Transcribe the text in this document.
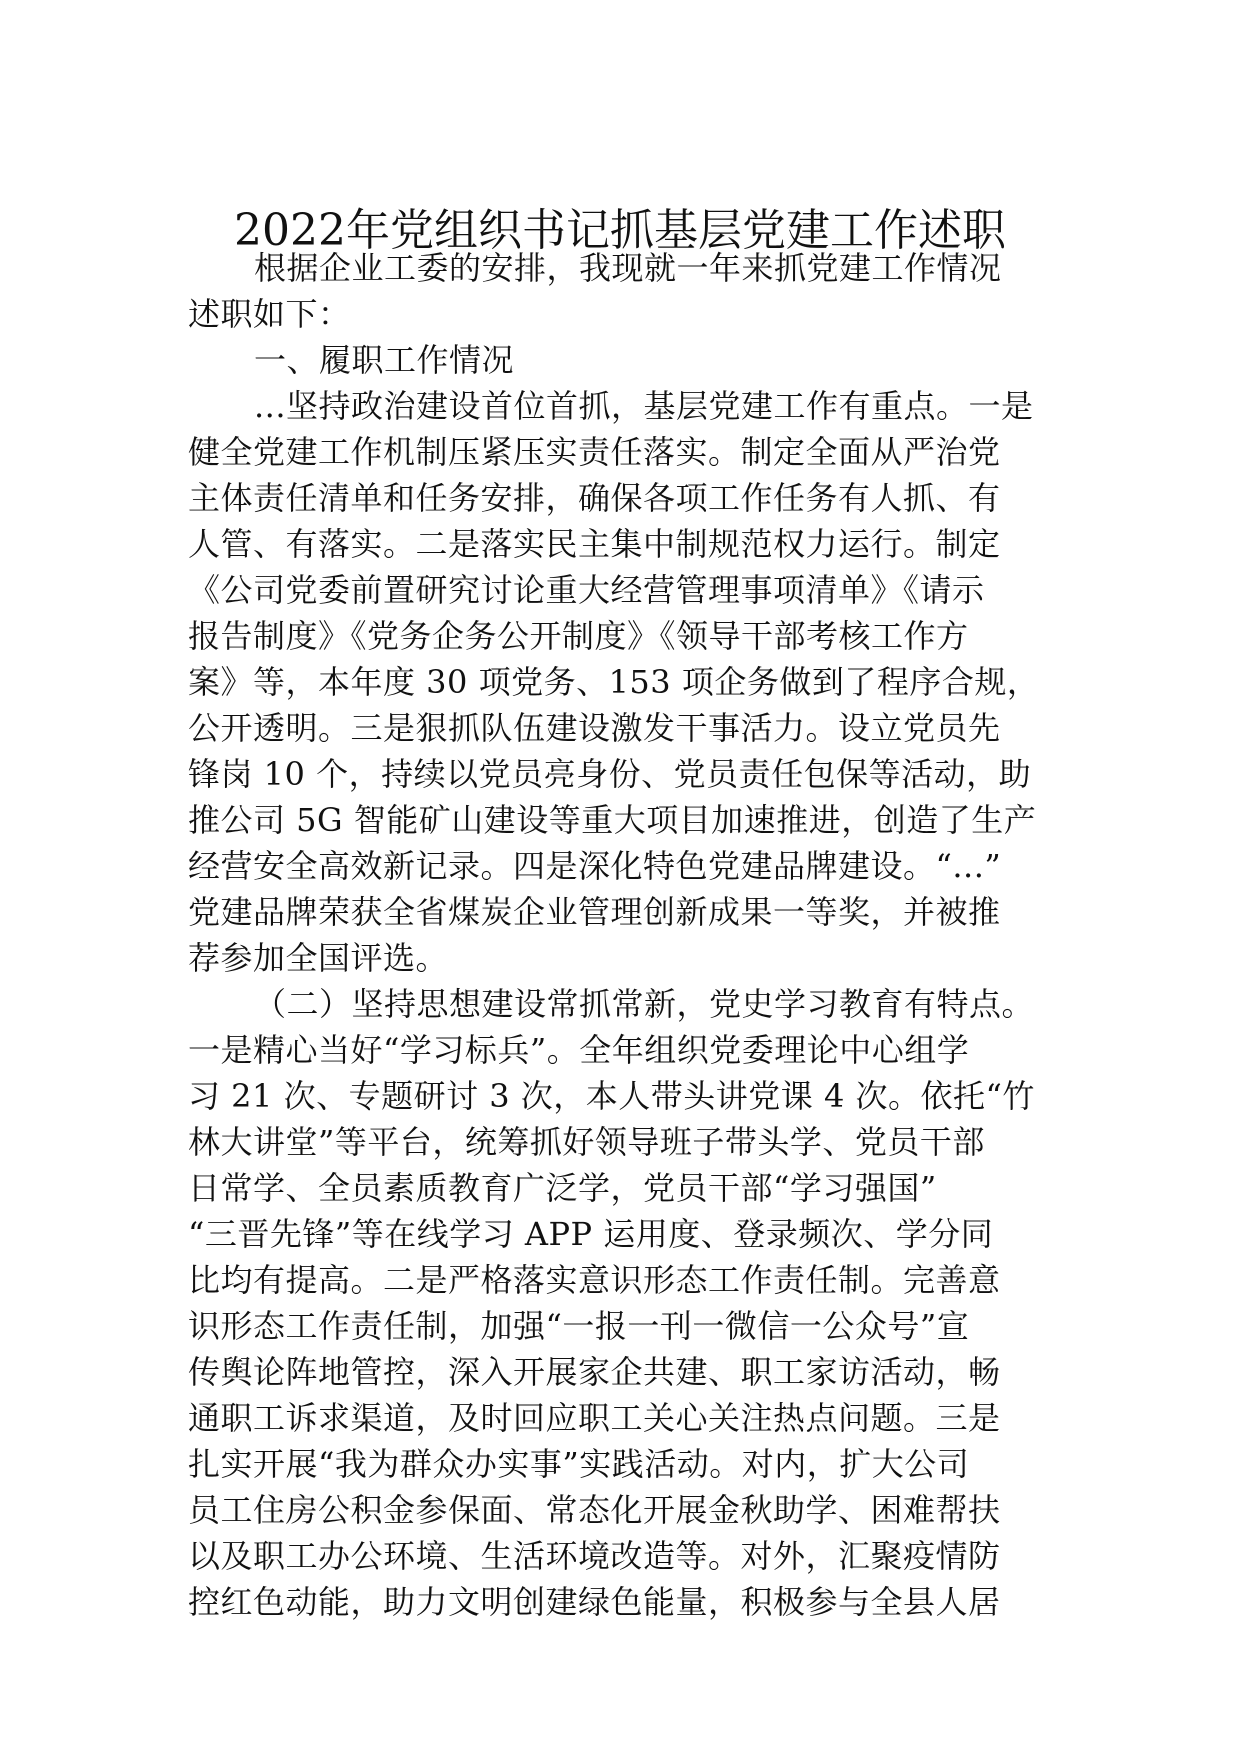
2022年党组织书记抓基层党建工作述职
根据企业工委的安排，我现就一年来抓党建工作情况
述职如下：
一、履职工作情况
...坚持政治建设首位首抓，基层党建工作有重点。一是
健全党建工作机制压紧压实责任落实。制定全面从严治党
主体责任清单和任务安排，确保各项工作任务有人抓、有
人管、有落实。二是落实民主集中制规范权力运行。制定
《公司党委前置研究讨论重大经营管理事项清单》《请示
报告制度》《党务企务公开制度》《领导干部考核工作方
案》等，本年度 30 项党务、153 项企务做到了程序合规，
公开透明。三是狠抓队伍建设激发干事活力。设立党员先
锋岗 10 个，持续以党员亮身份、党员责任包保等活动，助
推公司 5G 智能矿山建设等重大项目加速推进，创造了生产
经营安全高效新记录。四是深化特色党建品牌建设。“...”
党建品牌荣获全省煤炭企业管理创新成果一等奖，并被推
荐参加全国评选。
（二）坚持思想建设常抓常新，党史学习教育有特点。
一是精心当好“学习标兵”。全年组织党委理论中心组学
习 21 次、专题研讨 3 次，本人带头讲党课 4 次。依托“竹
林大讲堂”等平台，统筹抓好领导班子带头学、党员干部
日常学、全员素质教育广泛学，党员干部“学习强国”
“三晋先锋”等在线学习 APP 运用度、登录频次、学分同
比均有提高。二是严格落实意识形态工作责任制。完善意
识形态工作责任制，加强“一报一刊一微信一公众号”宣
传舆论阵地管控，深入开展家企共建、职工家访活动，畅
通职工诉求渠道，及时回应职工关心关注热点问题。三是
扎实开展“我为群众办实事”实践活动。对内，扩大公司
员工住房公积金参保面、常态化开展金秋助学、困难帮扶
以及职工办公环境、生活环境改造等。对外，汇聚疫情防
控红色动能，助力文明创建绿色能量，积极参与全县人居
